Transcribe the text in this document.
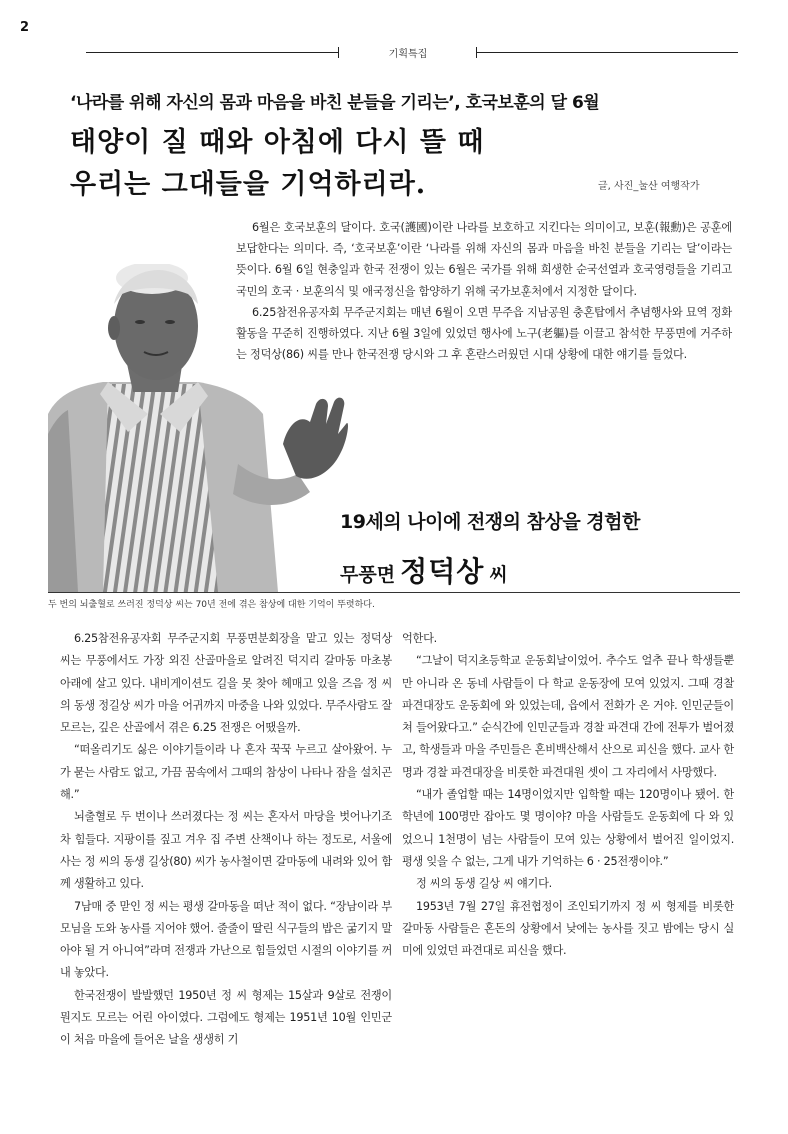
2
기획특집
‘나라를 위해 자신의 몸과 마음을 바친 분들을 기리는’, 호국보훈의 달 6월
태양이 질 때와 아침에 다시 뜰 때
우리는 그대들을 기억하리라.	글, 사진_눌산 여행작가

6월은 호국보훈의 달이다. 호국(護國)이란 나라를 보호하고 지킨다는 의미이고, 보훈(報勳)은 공훈에 보답한다는 의미다. 즉, ‘호국보훈’이란 ‘나라를 위해 자신의 몸과 마음을 바친 분들을 기리는 달’이라는 뜻이다. 6월 6일 현충일과 한국 전쟁이 있는 6월은 국가를 위해 희생한 순국선열과 호국영령들을 기리고 국민의 호국 · 보훈의식 및 애국정신을 함양하기 위해 국가보훈처에서 지정한 달이다.

6.25참전유공자회 무주군지회는 매년 6월이 오면 무주읍 지남공원 충혼탑에서 추념행사와 묘역 정화 활동을 꾸준히 진행하였다. 지난 6월 3일에 있었던 행사에 노구(老軀)를 이끌고 참석한 무풍면에 거주하는 정덕상(86) 씨를 만나 한국전쟁 당시와 그 후 혼란스러웠던 시대 상황에 대한 얘기를 들었다.

19세의 나이에 전쟁의 참상을 경험한
무풍면 정덕상 씨
두 번의 뇌출혈로 쓰러진 정덕상 씨는 70년 전에 겪은 참상에 대한 기억이 뚜렷하다.

6.25참전유공자회 무주군지회 무풍면분회장을 맡고 있는 정덕상 씨는 무풍에서도 가장 외진 산골마을로 알려진 덕지리 갈마동 마초봉 아래에 살고 있다. 내비게이션도 길을 못 찾아 헤매고 있을 즈음 정 씨의 동생 정길상 씨가 마을 어귀까지 마중을 나와 있었다. 무주사람도 잘 모르는, 깊은 산골에서 겪은 6.25 전쟁은 어땠을까.

“떠올리기도 싫은 이야기들이라 나 혼자 꾹꾹 누르고 살아왔어. 누가 묻는 사람도 없고, 가끔 꿈속에서 그때의 참상이 나타나 잠을 설치곤 해.”

뇌출혈로 두 번이나 쓰러졌다는 정 씨는 혼자서 마당을 벗어나기조차 힘들다. 지팡이를 짚고 겨우 집 주변 산책이나 하는 정도로, 서울에 사는 정 씨의 동생 길상(80) 씨가 농사철이면 갈마동에 내려와 있어 함께 생활하고 있다.

7남매 중 맏인 정 씨는 평생 갈마동을 떠난 적이 없다. “장남이라 부모님을 도와 농사를 지어야 했어. 줄줄이 딸린 식구들의 밥은 굶기지 말아야 될 거 아니여”라며 전쟁과 가난으로 힘들었던 시절의 이야기를 꺼내 놓았다.

한국전쟁이 발발했던 1950년 정 씨 형제는 15살과 9살로 전쟁이 뭔지도 모르는 어린 아이였다. 그럼에도 형제는 1951년 10월 인민군이 처음 마을에 들어온 날을 생생히 기

억한다.

“그날이 덕지초등학교 운동회날이었어. 추수도 얼추 끝나 학생들뿐만 아니라 온 동네 사람들이 다 학교 운동장에 모여 있었지. 그때 경찰 파견대장도 운동회에 와 있었는데, 읍에서 전화가 온 거야. 인민군들이 쳐 들어왔다고.” 순식간에 인민군들과 경찰 파견대 간에 전투가 벌어졌고, 학생들과 마을 주민들은 혼비백산해서 산으로 피신을 했다. 교사 한 명과 경찰 파견대장을 비롯한 파견대원 셋이 그 자리에서 사망했다.

“내가 졸업할 때는 14명이었지만 입학할 때는 120명이나 됐어. 한 학년에 100명만 잡아도 몇 명이야? 마을 사람들도 운동회에 다 와 있었으니 1천명이 넘는 사람들이 모여 있는 상황에서 벌어진 일이었지. 평생 잊을 수 없는, 그게 내가 기억하는 6 · 25전쟁이야.”

정 씨의 동생 길상 씨 얘기다.

1953년 7월 27일 휴전협정이 조인되기까지 정 씨 형제를 비롯한 갈마동 사람들은 혼돈의 상황에서 낮에는 농사를 짓고 밤에는 당시 실미에 있었던 파견대로 피신을 했다.
